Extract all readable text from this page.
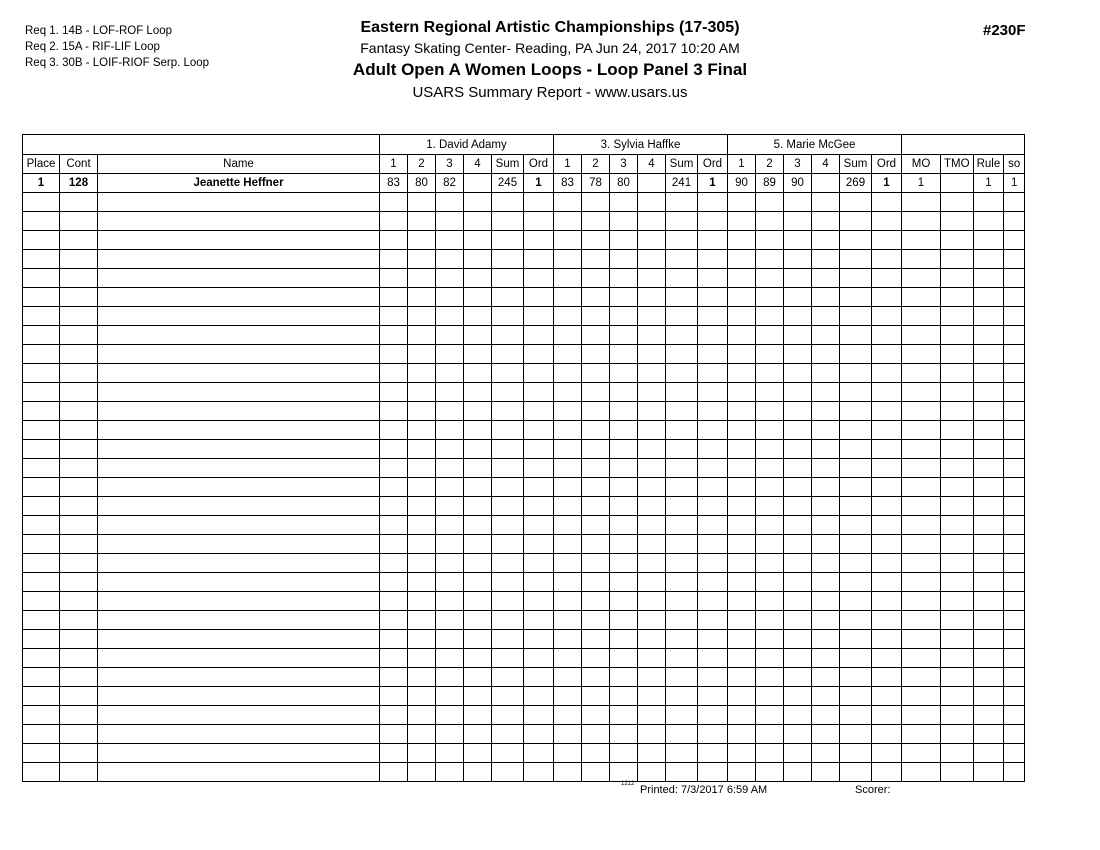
Req 1. 14B - LOF-ROF Loop
Req 2. 15A - RIF-LIF Loop
Req 3. 30B - LOIF-RIOF Serp. Loop
#230F
Eastern Regional Artistic Championships (17-305)
Fantasy Skating Center- Reading, PA Jun 24, 2017 10:20 AM
Adult Open A Women Loops - Loop Panel 3 Final
USARS Summary Report - www.usars.us
			1. David Adamy						3. Sylvia Haffke						5. Marie McGee									
Place	Cont	Name	1	2	3	4	Sum	Ord	1	2	3	4	Sum	Ord	1	2	3	4	Sum	Ord	MO	TMO	Rule	so
1	128	Jeanette Heffner	83	80	82		245	1	83	78	80		241	1	90	89	90		269	1	1		1	1

1212 Printed: 7/3/2017 6:59 AM	Scorer:
